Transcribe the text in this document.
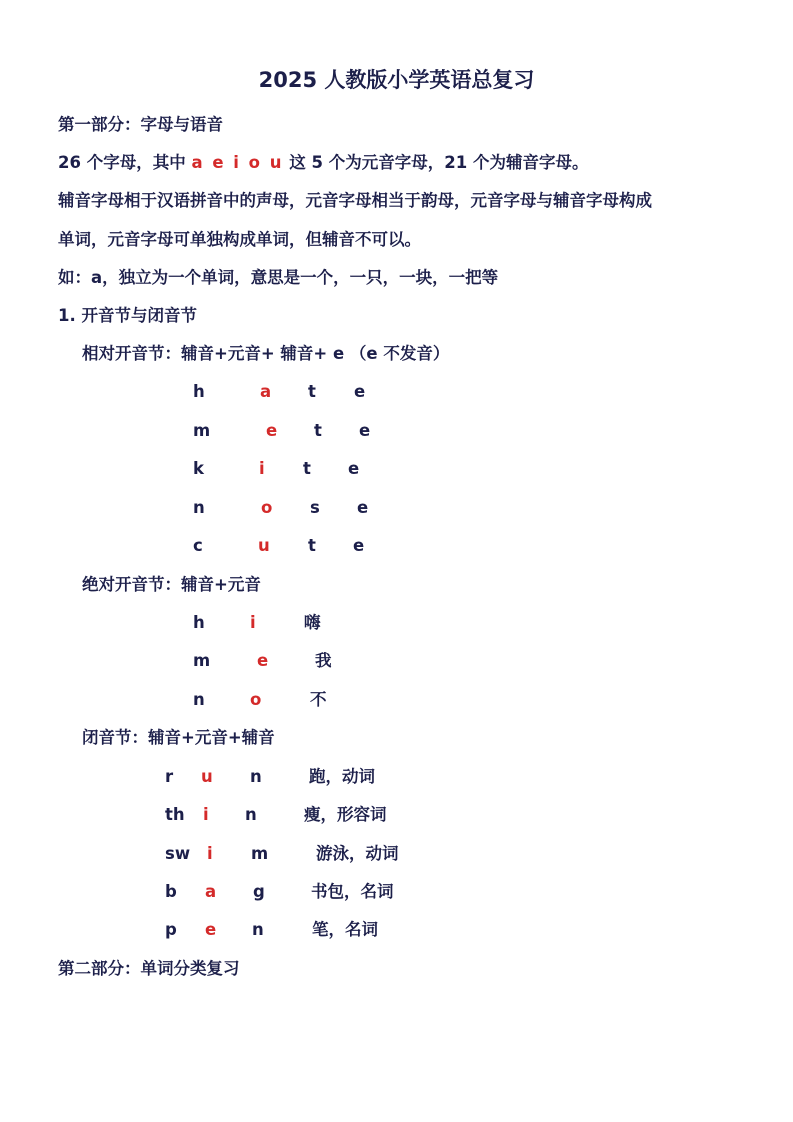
2025 人教版小学英语总复习
第一部分：字母与语音
26 个字母，其中 a e i o u 这 5 个为元音字母，21 个为辅音字母。
辅音字母相于汉语拼音中的声母，元音字母相当于韵母，元音字母与辅音字母构成
单词，元音字母可单独构成单词，但辅音不可以。
如：a，独立为一个单词，意思是一个，一只，一块，一把等
1. 开音节与闭音节
相对开音节：辅音+元音+ 辅音+ e （e 不发音）
h	a t e
m	e t e
k	i t e
n	o s e
c	u t e
绝对开音节：辅音+元音
h	i	嗨
m	e	我
n	o	不
闭音节：辅音+元音+辅音
r u n	跑，动词
th i n	瘦，形容词
sw i m	游泳，动词
b a g	书包，名词
p e n	笔，名词
第二部分：单词分类复习
